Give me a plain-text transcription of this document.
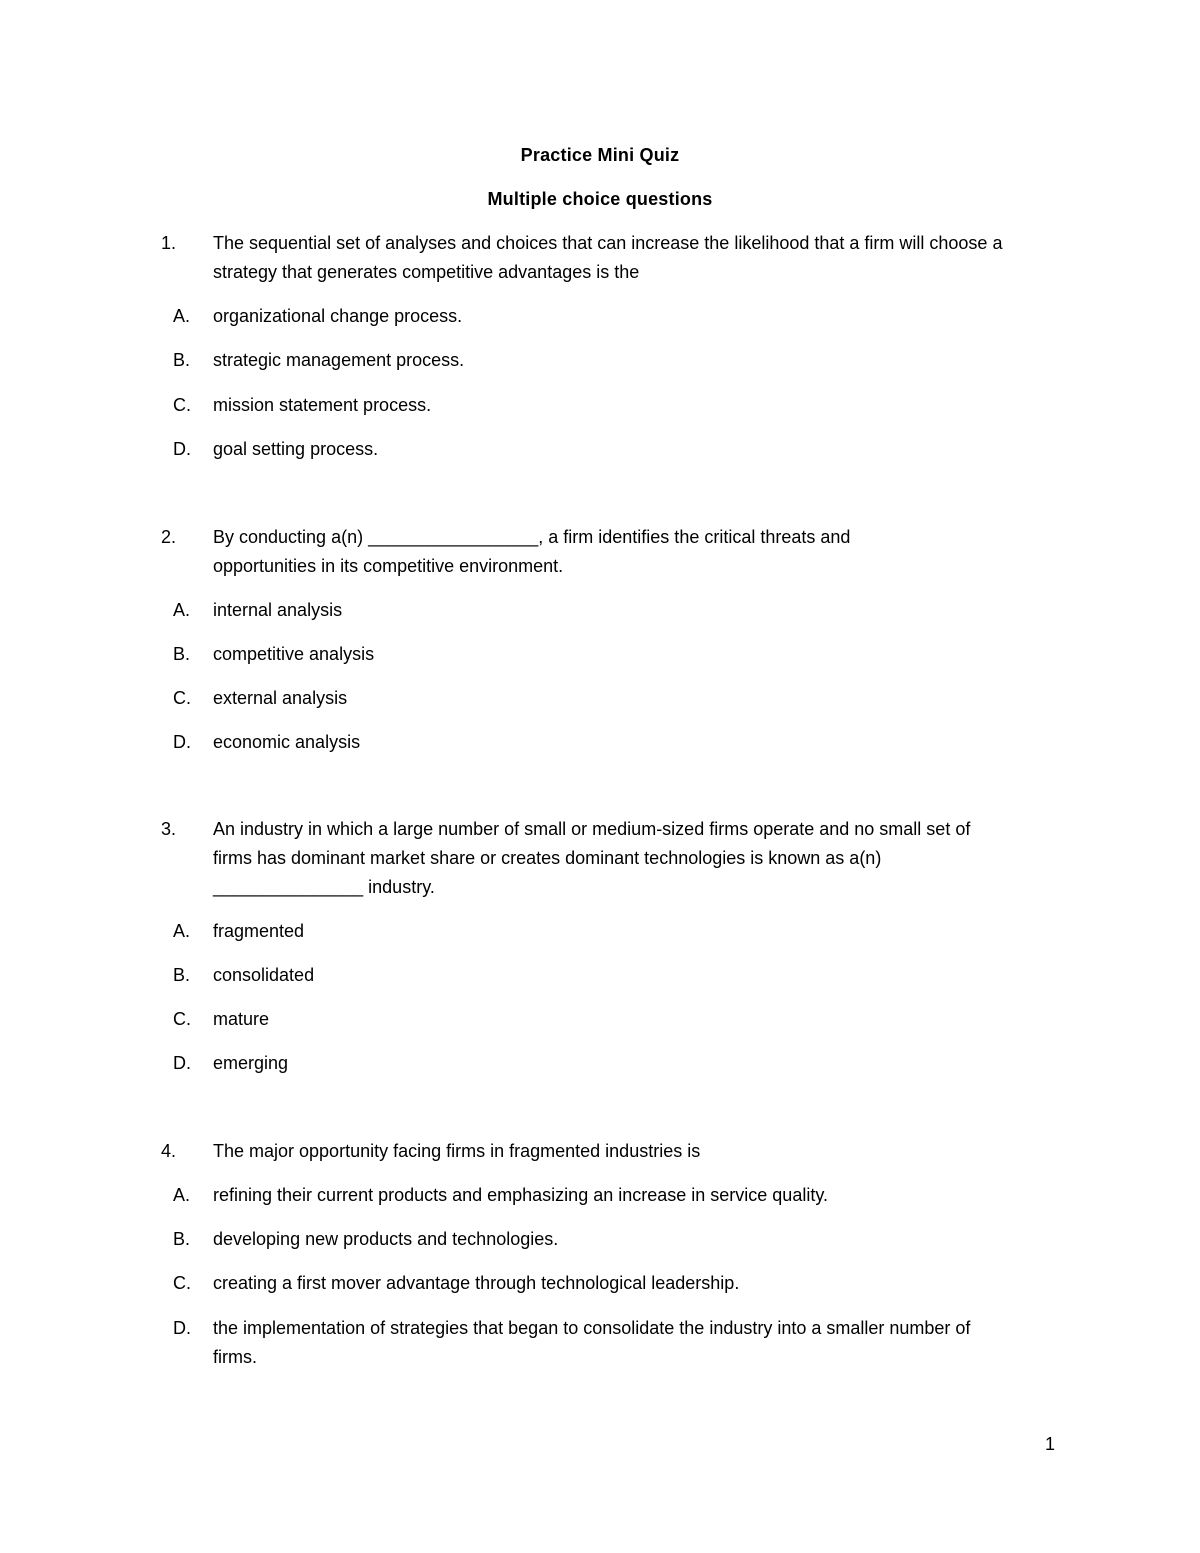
Practice Mini Quiz
Multiple choice questions
1. The sequential set of analyses and choices that can increase the likelihood that a firm will choose a strategy that generates competitive advantages is the
A. organizational change process.
B. strategic management process.
C. mission statement process.
D. goal setting process.
2. By conducting a(n) _________________, a firm identifies the critical threats and opportunities in its competitive environment.
A. internal analysis
B. competitive analysis
C. external analysis
D. economic analysis
3. An industry in which a large number of small or medium-sized firms operate and no small set of firms has dominant market share or creates dominant technologies is known as a(n) _______________ industry.
A. fragmented
B. consolidated
C. mature
D. emerging
4. The major opportunity facing firms in fragmented industries is
A. refining their current products and emphasizing an increase in service quality.
B. developing new products and technologies.
C. creating a first mover advantage through technological leadership.
D. the implementation of strategies that began to consolidate the industry into a smaller number of firms.
1
